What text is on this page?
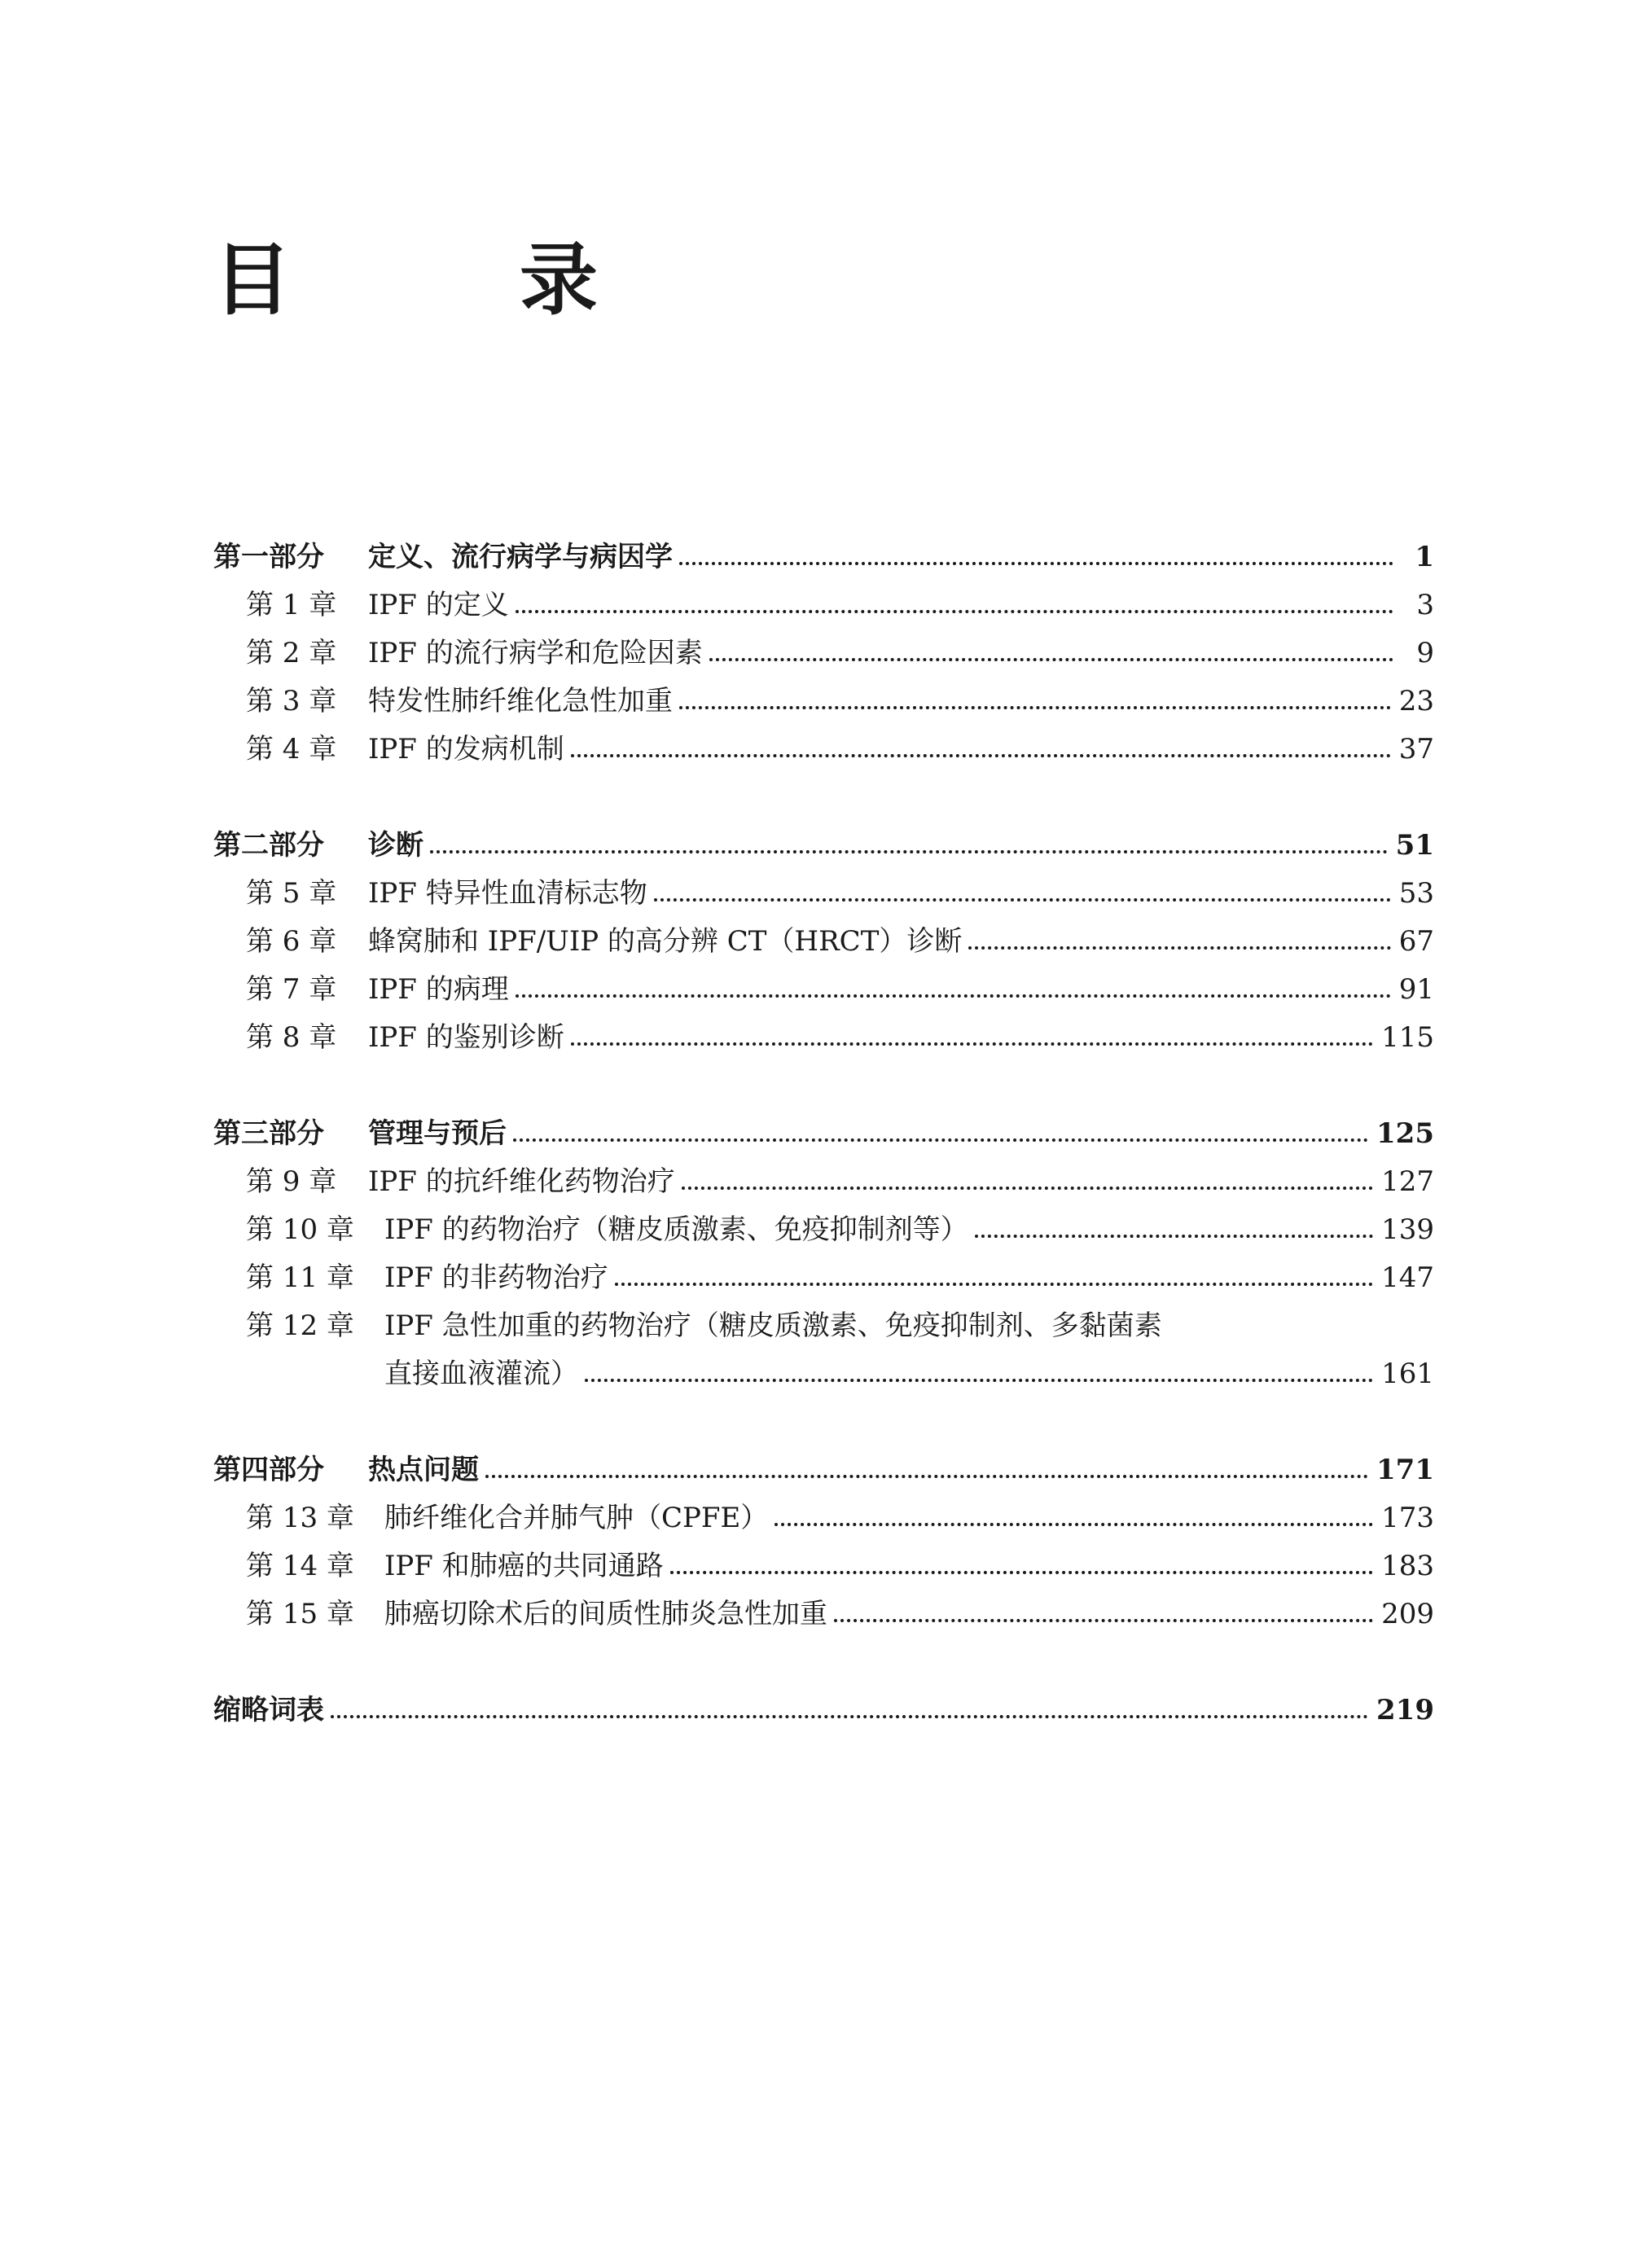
目　录
第一部分	定义、流行病学与病因学	1
第 1 章	IPF 的定义	3
第 2 章	IPF 的流行病学和危险因素	9
第 3 章	特发性肺纤维化急性加重	23
第 4 章	IPF 的发病机制	37
第二部分	诊断	51
第 5 章	IPF 特异性血清标志物	53
第 6 章	蜂窝肺和 IPF/UIP 的高分辨 CT（HRCT）诊断	67
第 7 章	IPF 的病理	91
第 8 章	IPF 的鉴别诊断	115
第三部分	管理与预后	125
第 9 章	IPF 的抗纤维化药物治疗	127
第 10 章	IPF 的药物治疗（糖皮质激素、免疫抑制剂等）	139
第 11 章	IPF 的非药物治疗	147
第 12 章	IPF 急性加重的药物治疗（糖皮质激素、免疫抑制剂、多黏菌素
直接血液灌流）	161
第四部分	热点问题	171
第 13 章	肺纤维化合并肺气肿（CPFE）	173
第 14 章	IPF 和肺癌的共同通路	183
第 15 章	肺癌切除术后的间质性肺炎急性加重	209
缩略词表	219
